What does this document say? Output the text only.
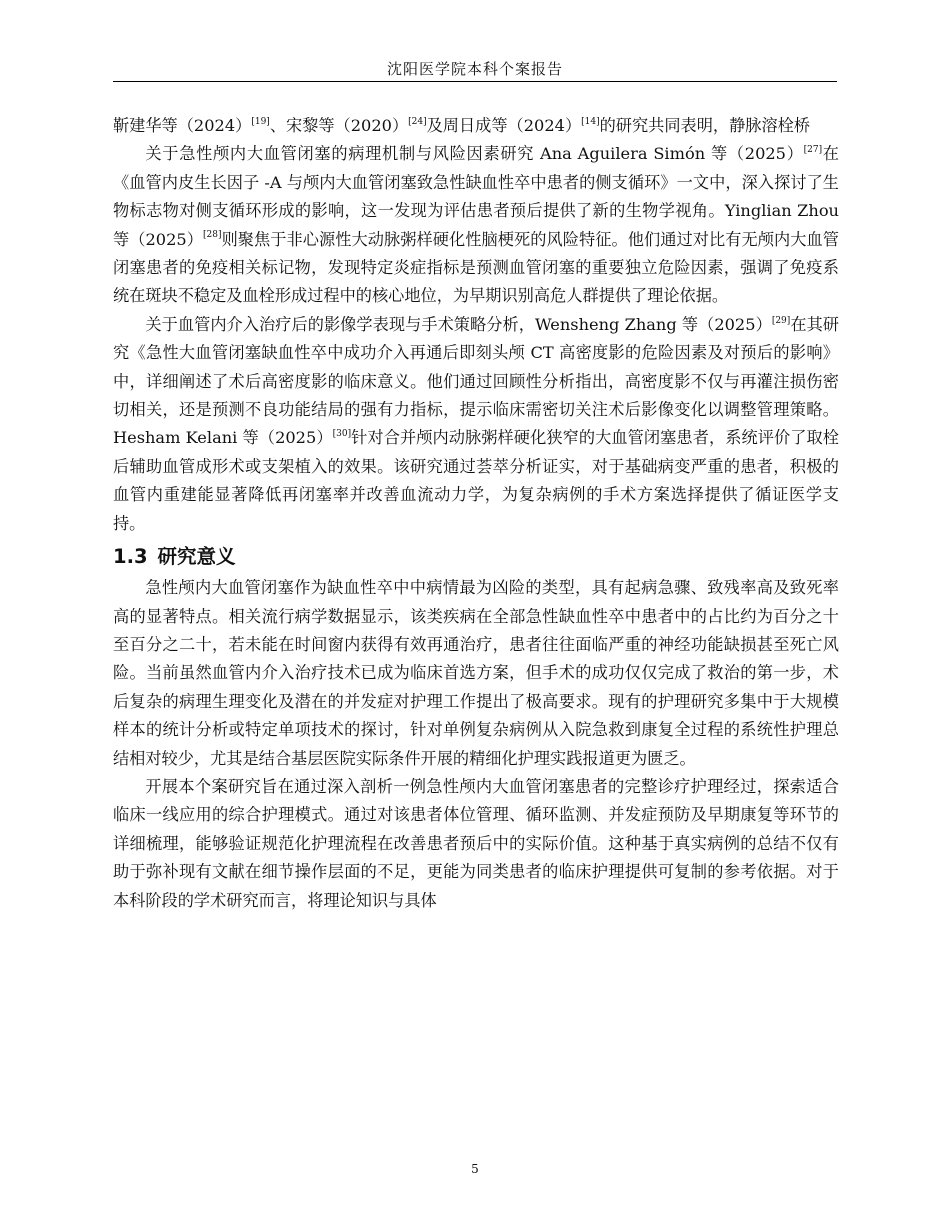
沈阳医学院本科个案报告

靳建华等（2024）[19]、宋黎等（2020）[24]及周日成等（2024）[14]的研究共同表明，静脉溶栓桥

关于急性颅内大血管闭塞的病理机制与风险因素研究 Ana Aguilera Simón 等（2025）[27]在《血管内皮生长因子 -A 与颅内大血管闭塞致急性缺血性卒中患者的侧支循环》一文中，深入探讨了生物标志物对侧支循环形成的影响，这一发现为评估患者预后提供了新的生物学视角。Yinglian Zhou 等（2025）[28]则聚焦于非心源性大动脉粥样硬化性脑梗死的风险特征。他们通过对比有无颅内大血管闭塞患者的免疫相关标记物，发现特定炎症指标是预测血管闭塞的重要独立危险因素，强调了免疫系统在斑块不稳定及血栓形成过程中的核心地位，为早期识别高危人群提供了理论依据。

关于血管内介入治疗后的影像学表现与手术策略分析，Wensheng Zhang 等（2025）[29]在其研究《急性大血管闭塞缺血性卒中成功介入再通后即刻头颅 CT 高密度影的危险因素及对预后的影响》中，详细阐述了术后高密度影的临床意义。他们通过回顾性分析指出，高密度影不仅与再灌注损伤密切相关，还是预测不良功能结局的强有力指标，提示临床需密切关注术后影像变化以调整管理策略。Hesham Kelani 等（2025）[30]针对合并颅内动脉粥样硬化狭窄的大血管闭塞患者，系统评价了取栓后辅助血管成形术或支架植入的效果。该研究通过荟萃分析证实，对于基础病变严重的患者，积极的血管内重建能显著降低再闭塞率并改善血流动力学，为复杂病例的手术方案选择提供了循证医学支持。

1.3 研究意义

急性颅内大血管闭塞作为缺血性卒中中病情最为凶险的类型，具有起病急骤、致残率高及致死率高的显著特点。相关流行病学数据显示，该类疾病在全部急性缺血性卒中患者中的占比约为百分之十至百分之二十，若未能在时间窗内获得有效再通治疗，患者往往面临严重的神经功能缺损甚至死亡风险。当前虽然血管内介入治疗技术已成为临床首选方案，但手术的成功仅仅完成了救治的第一步，术后复杂的病理生理变化及潜在的并发症对护理工作提出了极高要求。现有的护理研究多集中于大规模样本的统计分析或特定单项技术的探讨，针对单例复杂病例从入院急救到康复全过程的系统性护理总结相对较少，尤其是结合基层医院实际条件开展的精细化护理实践报道更为匮乏。

开展本个案研究旨在通过深入剖析一例急性颅内大血管闭塞患者的完整诊疗护理经过，探索适合临床一线应用的综合护理模式。通过对该患者体位管理、循环监测、并发症预防及早期康复等环节的详细梳理，能够验证规范化护理流程在改善患者预后中的实际价值。这种基于真实病例的总结不仅有助于弥补现有文献在细节操作层面的不足，更能为同类患者的临床护理提供可复制的参考依据。对于本科阶段的学术研究而言，将理论知识与具体

5
